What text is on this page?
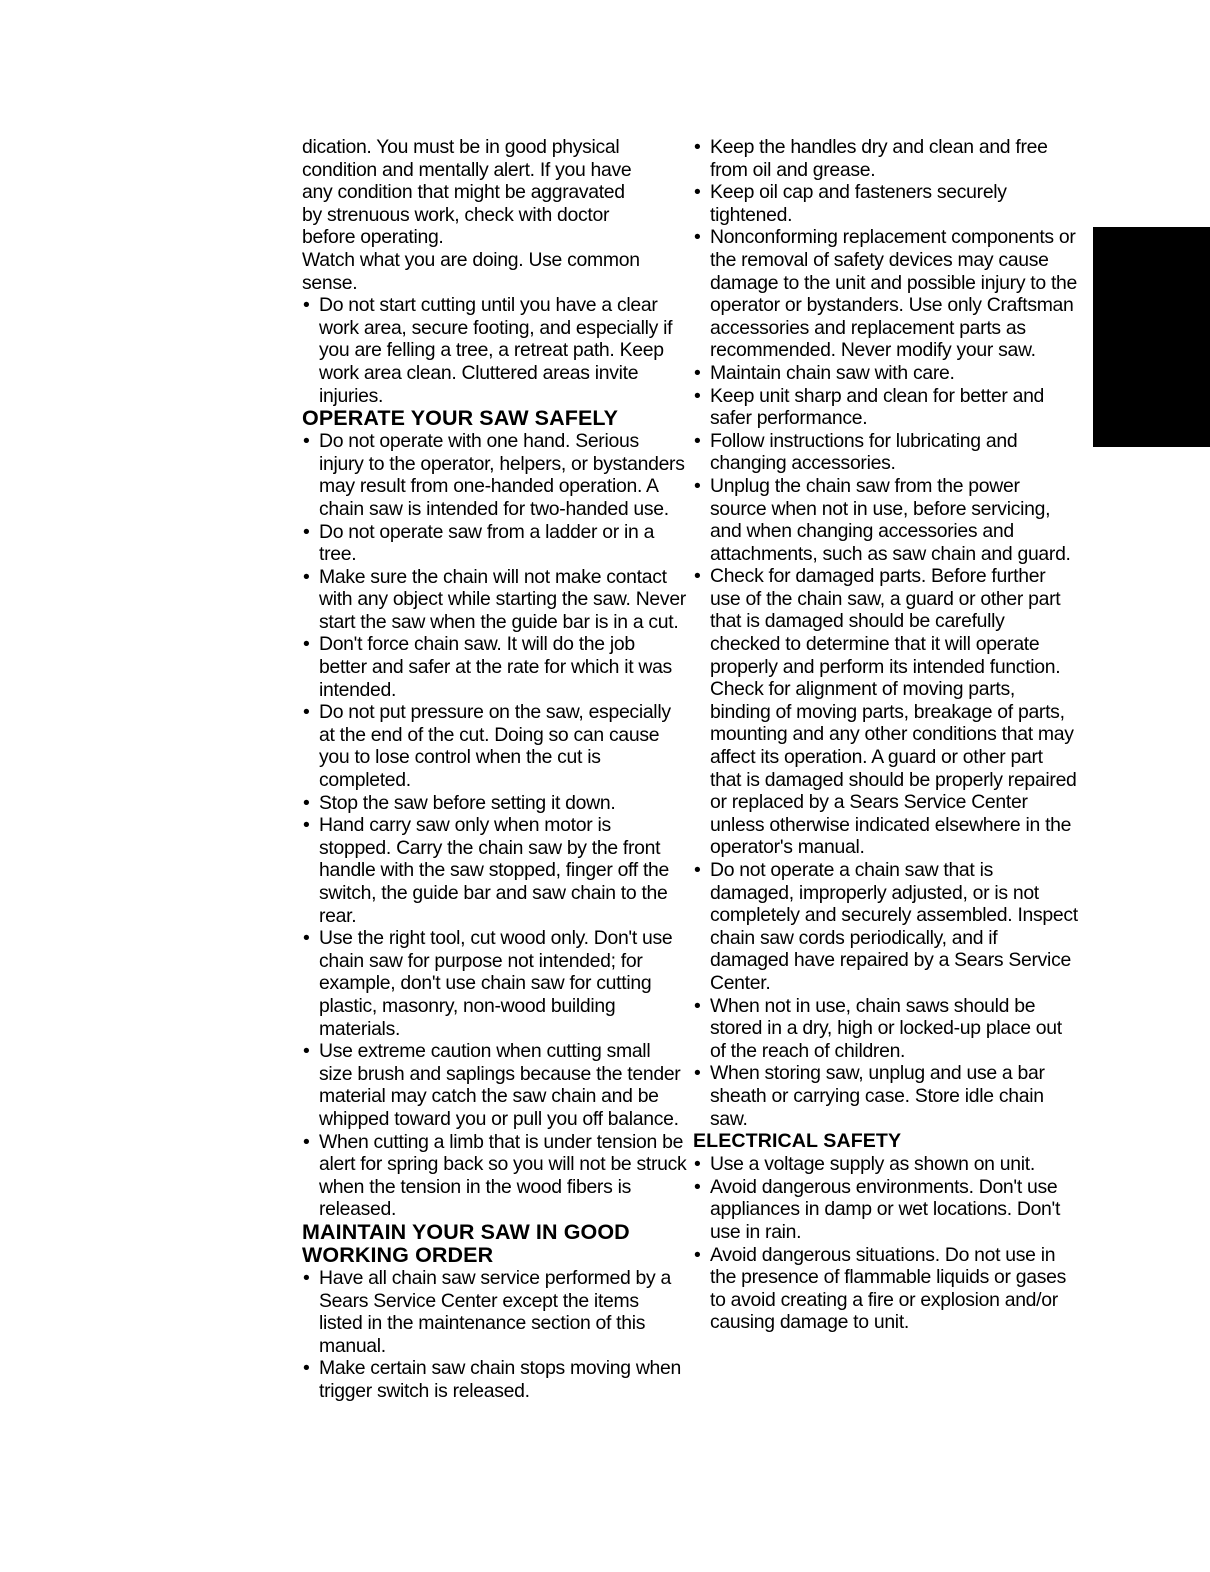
dication. You must be in good physical
condition and mentally alert. If you have
any condition that might be aggravated
by strenuous work, check with doctor
before operating.

Watch what you are doing. Use common sense.

• Do not start cutting until you have a clear work area, secure footing, and especially if you are felling a tree, a retreat path. Keep work area clean. Cluttered areas invite injuries.
OPERATE YOUR SAW SAFELY
• Do not operate with one hand. Serious injury to the operator, helpers, or bystanders may result from one-handed operation. A chain saw is intended for two-handed use.
• Do not operate saw from a ladder or in a tree.
• Make sure the chain will not make contact with any object while starting the saw. Never start the saw when the guide bar is in a cut.
• Don't force chain saw. It will do the job better and safer at the rate for which it was intended.
• Do not put pressure on the saw, especially at the end of the cut. Doing so can cause you to lose control when the cut is completed.
• Stop the saw before setting it down.
• Hand carry saw only when motor is stopped. Carry the chain saw by the front handle with the saw stopped, finger off the switch, the guide bar and saw chain to the rear.
• Use the right tool, cut wood only. Don't use chain saw for purpose not intended; for example, don't use chain saw for cutting plastic, masonry, non-wood building materials.
• Use extreme caution when cutting small size brush and saplings because the tender material may catch the saw chain and be whipped toward you or pull you off balance.
• When cutting a limb that is under tension be alert for spring back so you will not be struck when the tension in the wood fibers is released.
MAINTAIN YOUR SAW IN GOOD WORKING ORDER
• Have all chain saw service performed by a Sears Service Center except the items listed in the maintenance section of this manual.
• Make certain saw chain stops moving when trigger switch is released.
• Keep the handles dry and clean and free from oil and grease.
• Keep oil cap and fasteners securely tightened.
• Nonconforming replacement components or the removal of safety devices may cause damage to the unit and possible injury to the operator or bystanders. Use only Craftsman accessories and replacement parts as recommended. Never modify your saw.
• Maintain chain saw with care.
• Keep unit sharp and clean for better and safer performance.
• Follow instructions for lubricating and changing accessories.
• Unplug the chain saw from the power source when not in use, before servicing, and when changing accessories and attachments, such as saw chain and guard.
• Check for damaged parts. Before further use of the chain saw, a guard or other part that is damaged should be carefully checked to determine that it will operate properly and perform its intended function. Check for alignment of moving parts, binding of moving parts, breakage of parts, mounting and any other conditions that may affect its operation. A guard or other part that is damaged should be properly repaired or replaced by a Sears Service Center unless otherwise indicated elsewhere in the operator's manual.
• Do not operate a chain saw that is damaged, improperly adjusted, or is not completely and securely assembled. Inspect chain saw cords periodically, and if damaged have repaired by a Sears Service Center.
• When not in use, chain saws should be stored in a dry, high or locked-up place out of the reach of children.
• When storing saw, unplug and use a bar sheath or carrying case. Store idle chain saw.
ELECTRICAL SAFETY
• Use a voltage supply as shown on unit.
• Avoid dangerous environments. Don't use appliances in damp or wet locations. Don't use in rain.
• Avoid dangerous situations. Do not use in the presence of flammable liquids or gases to avoid creating a fire or explosion and/or causing damage to unit.
